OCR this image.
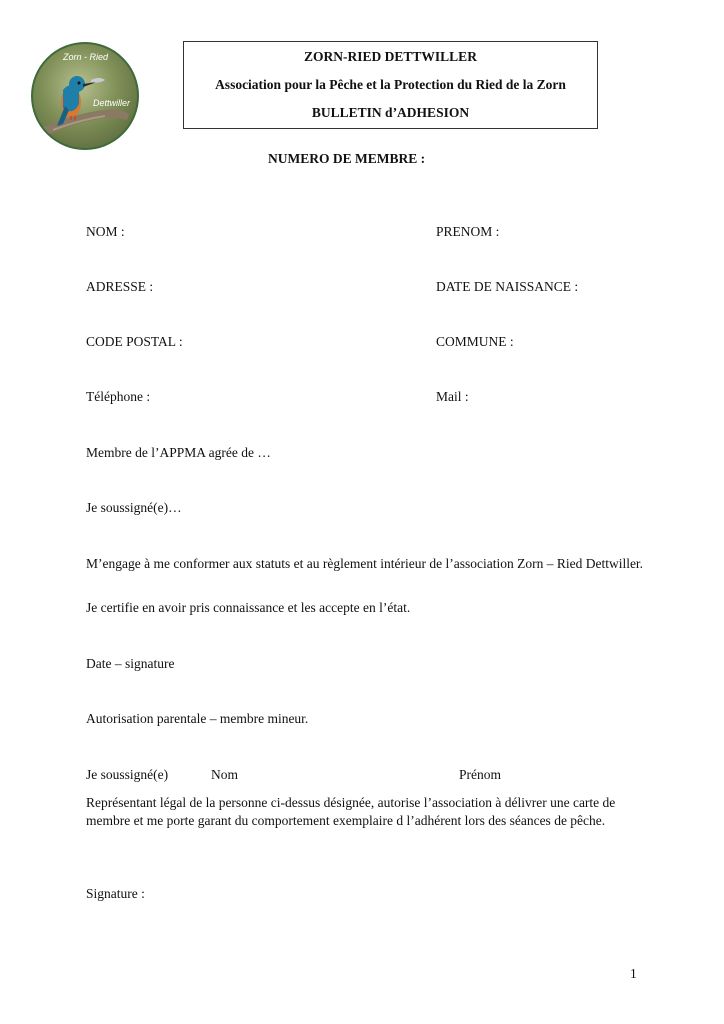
Zorn - Ried
Dettwiller
ZORN-RIED DETTWILLER
Association pour la Pêche et la Protection du Ried de la Zorn
BULLETIN d’ADHESION
NUMERO DE MEMBRE :
NOM :	PRENOM :
ADRESSE :	DATE DE NAISSANCE :
CODE POSTAL :	COMMUNE :
Téléphone :	Mail :
Membre de l’APPMA agrée de …
Je soussigné(e)…
M’engage à me conformer aux statuts et au règlement intérieur de l’association Zorn – Ried Dettwiller.
Je certifie en avoir pris connaissance et les accepte en l’état.
Date – signature
Autorisation parentale – membre mineur.
Je soussigné(e)	Nom	Prénom
Représentant légal de la personne ci-dessus désignée, autorise l’association à délivrer une carte de membre et me porte garant du comportement exemplaire d l’adhérent lors des séances de pêche.
Signature :
1
